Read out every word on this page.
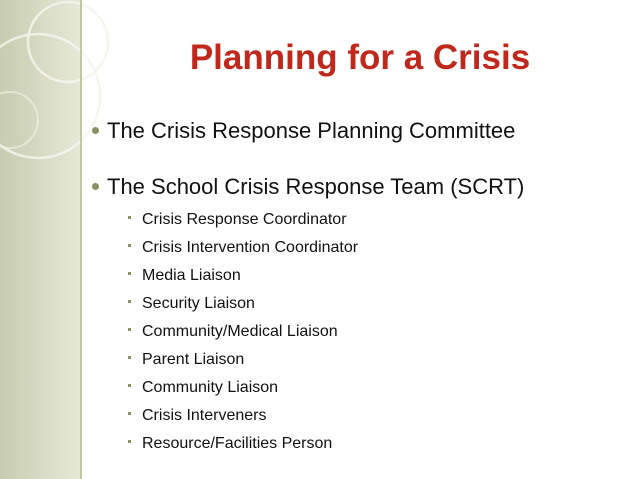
Planning for a Crisis
The Crisis Response Planning Committee
The School Crisis Response Team (SCRT)
Crisis Response Coordinator
Crisis Intervention Coordinator
Media Liaison
Security Liaison
Community/Medical Liaison
Parent Liaison
Community Liaison
Crisis Interveners
Resource/Facilities Person
